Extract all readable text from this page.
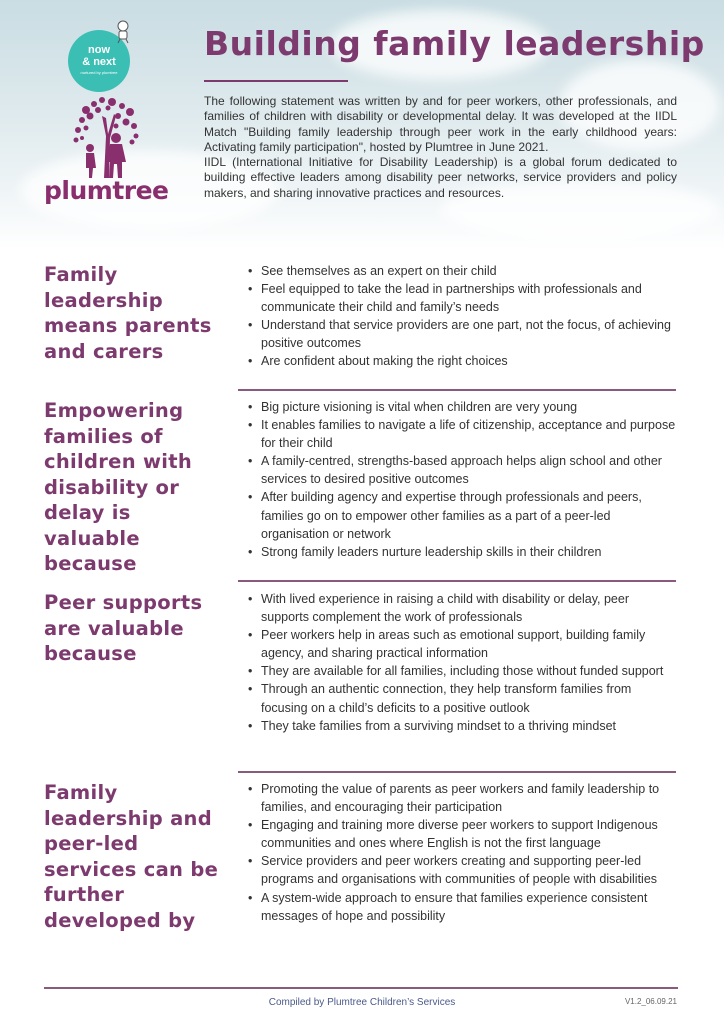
now
& next
nurtured by plumtree
plumtree
Building family leadership

The following statement was written by and for peer workers, other professionals, and families of children with disability or developmental delay. It was developed at the IIDL Match "Building family leadership through peer work in the early childhood years: Activating family participation", hosted by Plumtree in June 2021.

IIDL (International Initiative for Disability Leadership) is a global forum dedicated to building effective leaders among disability peer networks, service providers and policy makers, and sharing innovative practices and resources.

Family leadership means parents and carers
• See themselves as an expert on their child
• Feel equipped to take the lead in partnerships with professionals and communicate their child and family’s needs
• Understand that service providers are one part, not the focus, of achieving positive outcomes
• Are confident about making the right choices
Empowering families of children with disability or delay is valuable because
• Big picture visioning is vital when children are very young
• It enables families to navigate a life of citizenship, acceptance and purpose for their child
• A family-centred, strengths-based approach helps align school and other services to desired positive outcomes
• After building agency and expertise through professionals and peers, families go on to empower other families as a part of a peer-led organisation or network
• Strong family leaders nurture leadership skills in their children
Peer supports are valuable because
• With lived experience in raising a child with disability or delay, peer supports complement the work of professionals
• Peer workers help in areas such as emotional support, building family agency, and sharing practical information
• They are available for all families, including those without funded support
• Through an authentic connection, they help transform families from focusing on a child’s deficits to a positive outlook
• They take families from a surviving mindset to a thriving mindset
Family leadership and peer-led services can be further developed by
• Promoting the value of parents as peer workers and family leadership to families, and encouraging their participation
• Engaging and training more diverse peer workers to support Indigenous communities and ones where English is not the first language
• Service providers and peer workers creating and supporting peer-led programs and organisations with communities of people with disabilities
• A system-wide approach to ensure that families experience consistent messages of hope and possibility
Compiled by Plumtree Children’s Services	V1.2_06.09.21
